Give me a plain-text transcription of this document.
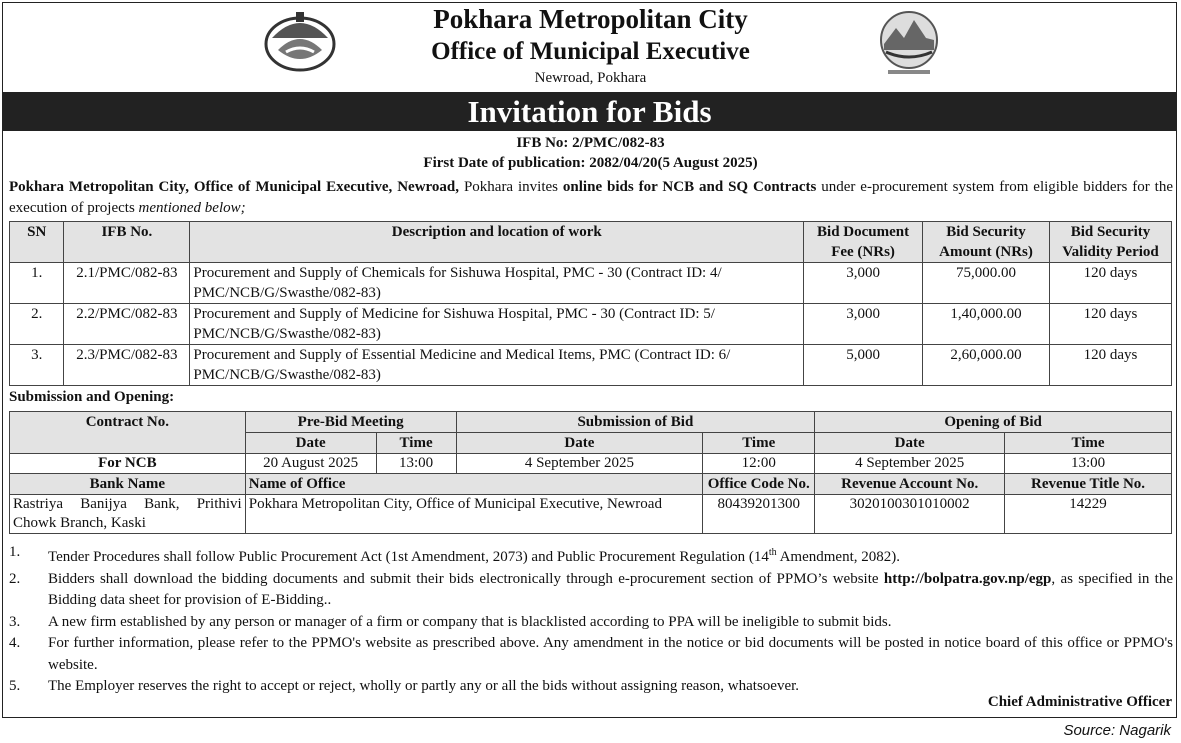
Pokhara Metropolitan City
Office of Municipal Executive
Newroad, Pokhara
Invitation for Bids
IFB No: 2/PMC/082-83
First Date of publication: 2082/04/20(5 August 2025)
Pokhara Metropolitan City, Office of Municipal Executive, Newroad, Pokhara invites online bids for NCB and SQ Contracts under e-procurement system from eligible bidders for the execution of projects mentioned below;
SN	IFB No.	Description and location of work	Bid Document Fee (NRs)	Bid Security Amount (NRs)	Bid Security Validity Period
1.	2.1/PMC/082-83	Procurement and Supply of Chemicals for Sishuwa Hospital, PMC - 30 (Contract ID: 4/ PMC/NCB/G/Swasthe/082-83)	3,000	75,000.00	120 days
2.	2.2/PMC/082-83	Procurement and Supply of Medicine for Sishuwa Hospital, PMC - 30 (Contract ID: 5/ PMC/NCB/G/Swasthe/082-83)	3,000	1,40,000.00	120 days
3.	2.3/PMC/082-83	Procurement and Supply of Essential Medicine and Medical Items, PMC (Contract ID: 6/ PMC/NCB/G/Swasthe/082-83)	5,000	2,60,000.00	120 days
Submission and Opening:
Contract No.	Pre-Bid Meeting		Submission of Bid		Opening of Bid	
	Date	Time	Date	Time	Date	Time
For NCB	20 August 2025	13:00	4 September 2025	12:00	4 September 2025	13:00
Bank Name	Name of Office			Office Code No.	Revenue Account No.	Revenue Title No.
Rastriya Banijya Bank, Prithivi Chowk Branch, Kaski	Pokhara Metropolitan City, Office of Municipal Executive, Newroad			80439201300	3020100301010002	14229
1.	Tender Procedures shall follow Public Procurement Act (1st Amendment, 2073) and Public Procurement Regulation (14th Amendment, 2082).
2.	Bidders shall download the bidding documents and submit their bids electronically through e-procurement section of PPMO’s website http://bolpatra.gov.np/egp, as specified in the Bidding data sheet for provision of E-Bidding..
3.	A new firm established by any person or manager of a firm or company that is blacklisted according to PPA will be ineligible to submit bids.
4.	For further information, please refer to the PPMO's website as prescribed above. Any amendment in the notice or bid documents will be posted in notice board of this office or PPMO's website.
5.	The Employer reserves the right to accept or reject, wholly or partly any or all the bids without assigning reason, whatsoever.
Chief Administrative Officer
Source: Nagarik
